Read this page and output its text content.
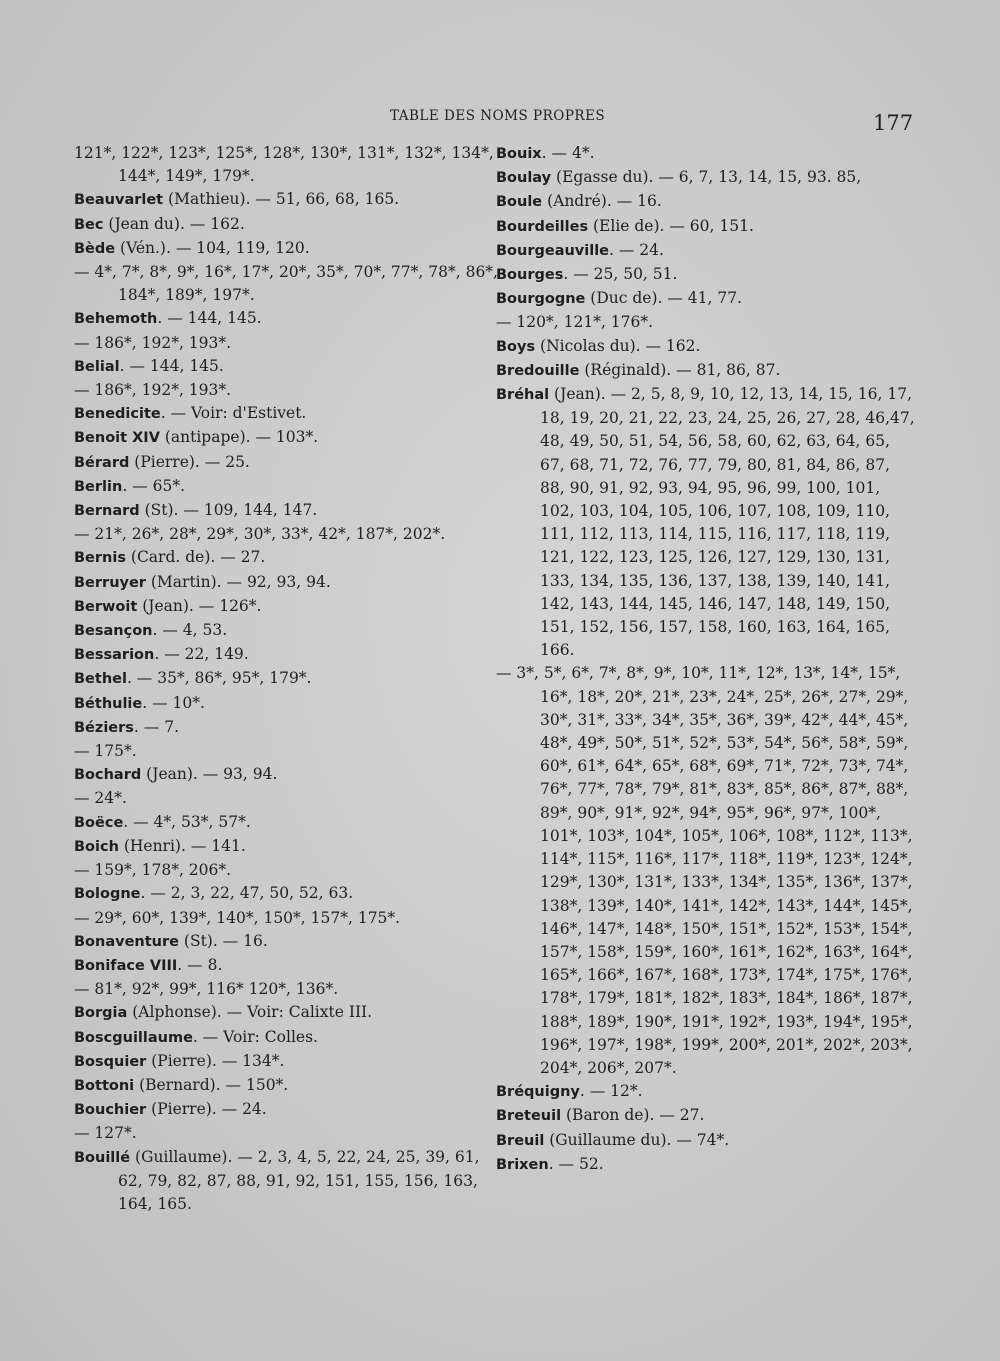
TABLE DES NOMS PROPRES	177
121*, 122*, 123*, 125*, 128*, 130*, 131*, 132*, 134*, 144*, 149*, 179*.
Beauvarlet (Mathieu). — 51, 66, 68, 165.
Bec (Jean du). — 162.
Bède (Vén.). — 104, 119, 120.
— 4*, 7*, 8*, 9*, 16*, 17*, 20*, 35*, 70*, 77*, 78*, 86*, 184*, 189*, 197*.
Behemoth. — 144, 145.
— 186*, 192*, 193*.
Belial. — 144, 145.
— 186*, 192*, 193*.
Benedicite. — Voir: d'Estivet.
Benoit XIV (antipape). — 103*.
Bérard (Pierre). — 25.
Berlin. — 65*.
Bernard (St). — 109, 144, 147.
— 21*, 26*, 28*, 29*, 30*, 33*, 42*, 187*, 202*.
Bernis (Card. de). — 27.
Berruyer (Martin). — 92, 93, 94.
Berwoit (Jean). — 126*.
Besançon. — 4, 53.
Bessarion. — 22, 149.
Bethel. — 35*, 86*, 95*, 179*.
Béthulie. — 10*.
Béziers. — 7.
— 175*.
Bochard (Jean). — 93, 94.
— 24*.
Boëce. — 4*, 53*, 57*.
Boich (Henri). — 141.
— 159*, 178*, 206*.
Bologne. — 2, 3, 22, 47, 50, 52, 63.
— 29*, 60*, 139*, 140*, 150*, 157*, 175*.
Bonaventure (St). — 16.
Boniface VIII. — 8.
— 81*, 92*, 99*, 116* 120*, 136*.
Borgia (Alphonse). — Voir: Calixte III.
Boscguillaume. — Voir: Colles.
Bosquier (Pierre). — 134*.
Bottoni (Bernard). — 150*.
Bouchier (Pierre). — 24.
— 127*.
Bouillé (Guillaume). — 2, 3, 4, 5, 22, 24, 25, 39, 61, 62, 79, 82, 87, 88, 91, 92, 151, 155, 156, 163, 164, 165.
Bouix. — 4*.
Boulay (Egasse du). — 6, 7, 13, 14, 15, 93. 85,
Boule (André). — 16.
Bourdeilles (Elie de). — 60, 151.
Bourgeauville. — 24.
Bourges. — 25, 50, 51.
Bourgogne (Duc de). — 41, 77.
— 120*, 121*, 176*.
Boys (Nicolas du). — 162.
Bredouille (Réginald). — 81, 86, 87.
Bréhal (Jean). — 2, 5, 8, 9, 10, 12, 13, 14, 15, 16, 17, 18, 19, 20, 21, 22, 23, 24, 25, 26, 27, 28, 46,47, 48, 49, 50, 51, 54, 56, 58, 60, 62, 63, 64, 65, 67, 68, 71, 72, 76, 77, 79, 80, 81, 84, 86, 87, 88, 90, 91, 92, 93, 94, 95, 96, 99, 100, 101, 102, 103, 104, 105, 106, 107, 108, 109, 110, 111, 112, 113, 114, 115, 116, 117, 118, 119, 121, 122, 123, 125, 126, 127, 129, 130, 131, 133, 134, 135, 136, 137, 138, 139, 140, 141, 142, 143, 144, 145, 146, 147, 148, 149, 150, 151, 152, 156, 157, 158, 160, 163, 164, 165, 166.
— 3*, 5*, 6*, 7*, 8*, 9*, 10*, 11*, 12*, 13*, 14*, 15*, 16*, 18*, 20*, 21*, 23*, 24*, 25*, 26*, 27*, 29*, 30*, 31*, 33*, 34*, 35*, 36*, 39*, 42*, 44*, 45*, 48*, 49*, 50*, 51*, 52*, 53*, 54*, 56*, 58*, 59*, 60*, 61*, 64*, 65*, 68*, 69*, 71*, 72*, 73*, 74*, 76*, 77*, 78*, 79*, 81*, 83*, 85*, 86*, 87*, 88*, 89*, 90*, 91*, 92*, 94*, 95*, 96*, 97*, 100*, 101*, 103*, 104*, 105*, 106*, 108*, 112*, 113*, 114*, 115*, 116*, 117*, 118*, 119*, 123*, 124*, 129*, 130*, 131*, 133*, 134*, 135*, 136*, 137*, 138*, 139*, 140*, 141*, 142*, 143*, 144*, 145*, 146*, 147*, 148*, 150*, 151*, 152*, 153*, 154*, 157*, 158*, 159*, 160*, 161*, 162*, 163*, 164*, 165*, 166*, 167*, 168*, 173*, 174*, 175*, 176*, 178*, 179*, 181*, 182*, 183*, 184*, 186*, 187*, 188*, 189*, 190*, 191*, 192*, 193*, 194*, 195*, 196*, 197*, 198*, 199*, 200*, 201*, 202*, 203*, 204*, 206*, 207*.
Bréquigny. — 12*.
Breteuil (Baron de). — 27.
Breuil (Guillaume du). — 74*.
Brixen. — 52.
